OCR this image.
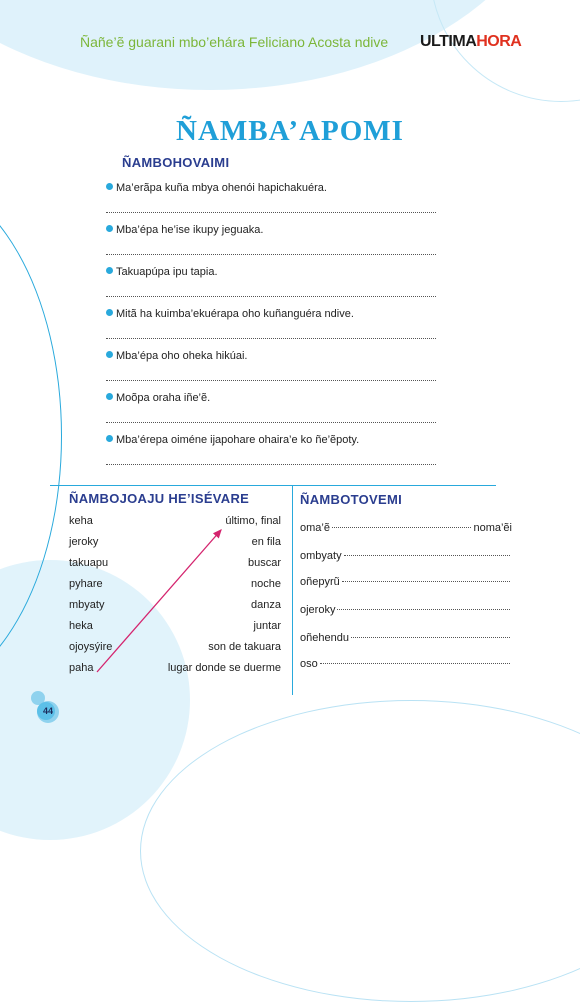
Ñañe’ẽ guarani mbo’ehára Feliciano Acosta ndive ULTIMAHORA
ÑAMBA’APOMI
ÑAMBOHOVAIMI
Ma’erãpa kuña mbya ohenói hapichakuéra.
Mba’épa he’ise ikupy jeguaka.
Takuapúpa ipu tapia.
Mitã ha kuimba’ekuérapa oho kuñanguéra ndive.
Mba’épa oho oheka hikúai.
Moõpa oraha iñe’ẽ.
Mba’érepa oiméne ijapohare ohaira’e ko ñe’ẽpoty.
ÑAMBOJOAJU HE’ISÉVARE
keha	último, final
jeroky	en fila
takuapu	buscar
pyhare	noche
mbyaty	danza
heka	juntar
ojoysýire	son de takuara
paha	lugar donde se duerme
ÑAMBOTOVEMI
oma’ẽ	noma’ẽi
ombyaty
oñepyrũ
ojeroky
oñehendu
oso
44
